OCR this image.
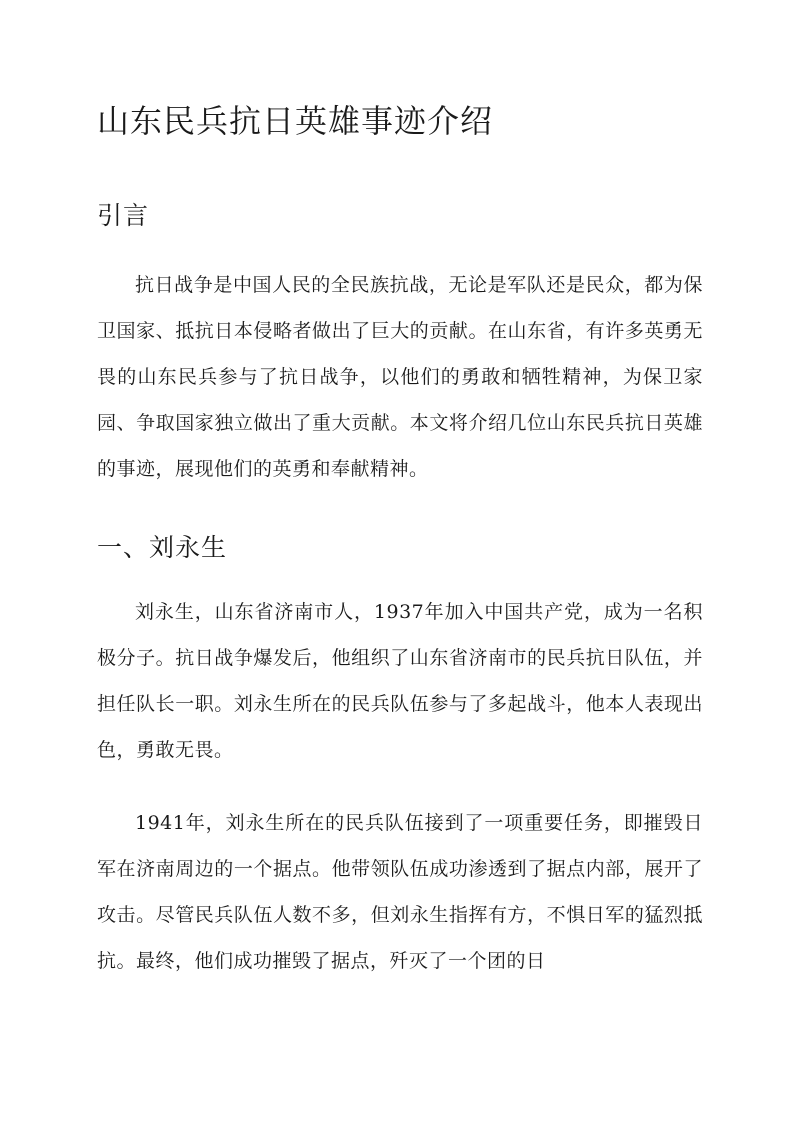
山东民兵抗日英雄事迹介绍
引言

抗日战争是中国人民的全民族抗战，无论是军队还是民众，都为保卫国家、抵抗日本侵略者做出了巨大的贡献。在山东省，有许多英勇无畏的山东民兵参与了抗日战争，以他们的勇敢和牺牲精神，为保卫家园、争取国家独立做出了重大贡献。本文将介绍几位山东民兵抗日英雄的事迹，展现他们的英勇和奉献精神。

一、刘永生

刘永生，山东省济南市人，1937年加入中国共产党，成为一名积极分子。抗日战争爆发后，他组织了山东省济南市的民兵抗日队伍，并担任队长一职。刘永生所在的民兵队伍参与了多起战斗，他本人表现出色，勇敢无畏。

1941年，刘永生所在的民兵队伍接到了一项重要任务，即摧毁日军在济南周边的一个据点。他带领队伍成功渗透到了据点内部，展开了攻击。尽管民兵队伍人数不多，但刘永生指挥有方，不惧日军的猛烈抵抗。最终，他们成功摧毁了据点，歼灭了一个团的日
